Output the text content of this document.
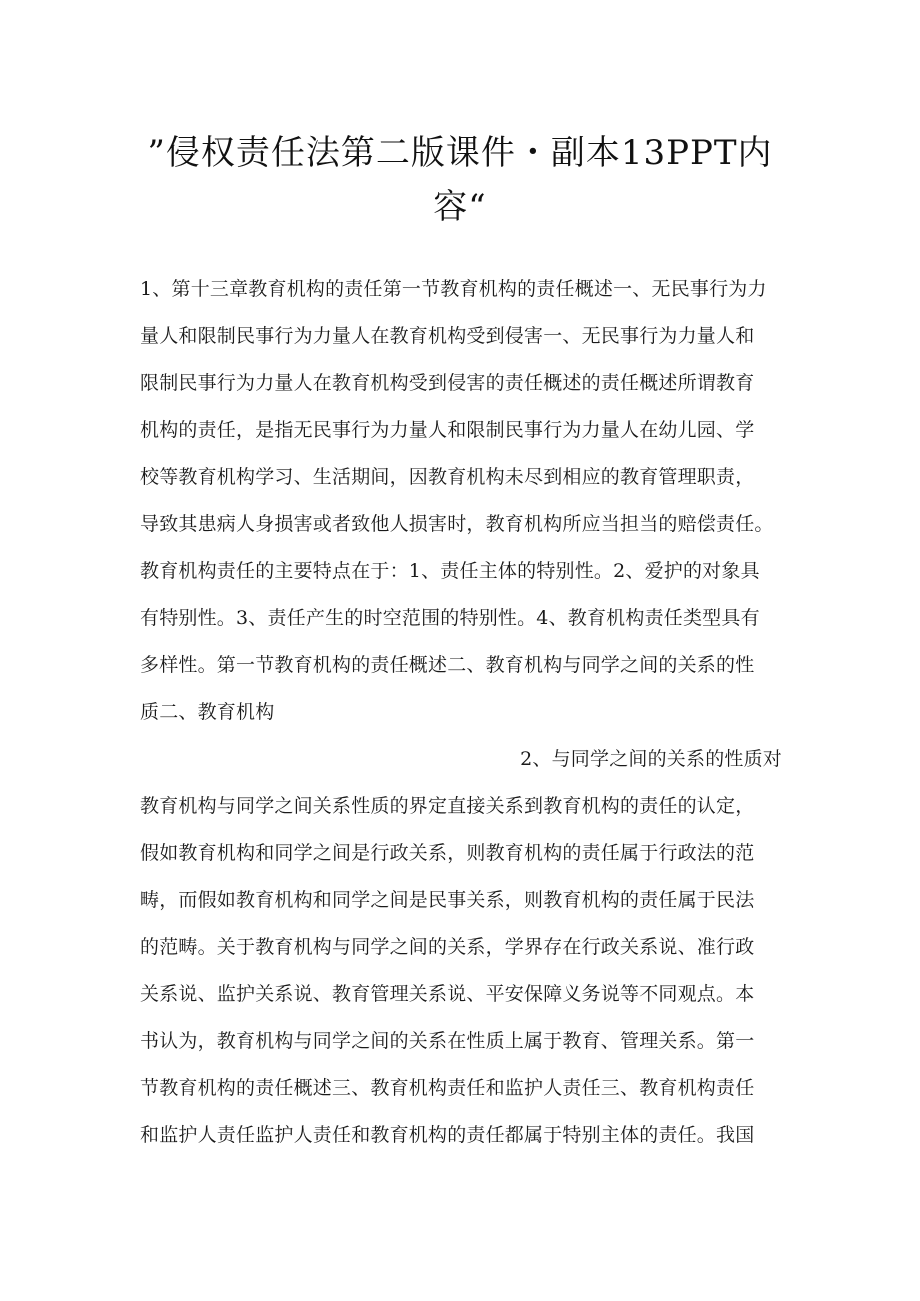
”侵权责任法第二版课件・副本13PPT内
容“
1、第十三章教育机构的责任第一节教育机构的责任概述一、无民事行为力
量人和限制民事行为力量人在教育机构受到侵害一、无民事行为力量人和
限制民事行为力量人在教育机构受到侵害的责任概述的责任概述所谓教育
机构的责任，是指无民事行为力量人和限制民事行为力量人在幼儿园、学
校等教育机构学习、生活期间，因教育机构未尽到相应的教育管理职责，
导致其患病人身损害或者致他人损害时，教育机构所应当担当的赔偿责任。
教育机构责任的主要特点在于：1、责任主体的特别性。2、爱护的对象具
有特别性。3、责任产生的时空范围的特别性。4、教育机构责任类型具有
多样性。第一节教育机构的责任概述二、教育机构与同学之间的关系的性
质二、教育机构
2、与同学之间的关系的性质对
教育机构与同学之间关系性质的界定直接关系到教育机构的责任的认定，
假如教育机构和同学之间是行政关系，则教育机构的责任属于行政法的范
畴，而假如教育机构和同学之间是民事关系，则教育机构的责任属于民法
的范畴。关于教育机构与同学之间的关系，学界存在行政关系说、准行政
关系说、监护关系说、教育管理关系说、平安保障义务说等不同观点。本
书认为，教育机构与同学之间的关系在性质上属于教育、管理关系。第一
节教育机构的责任概述三、教育机构责任和监护人责任三、教育机构责任
和监护人责任监护人责任和教育机构的责任都属于特别主体的责任。我国
